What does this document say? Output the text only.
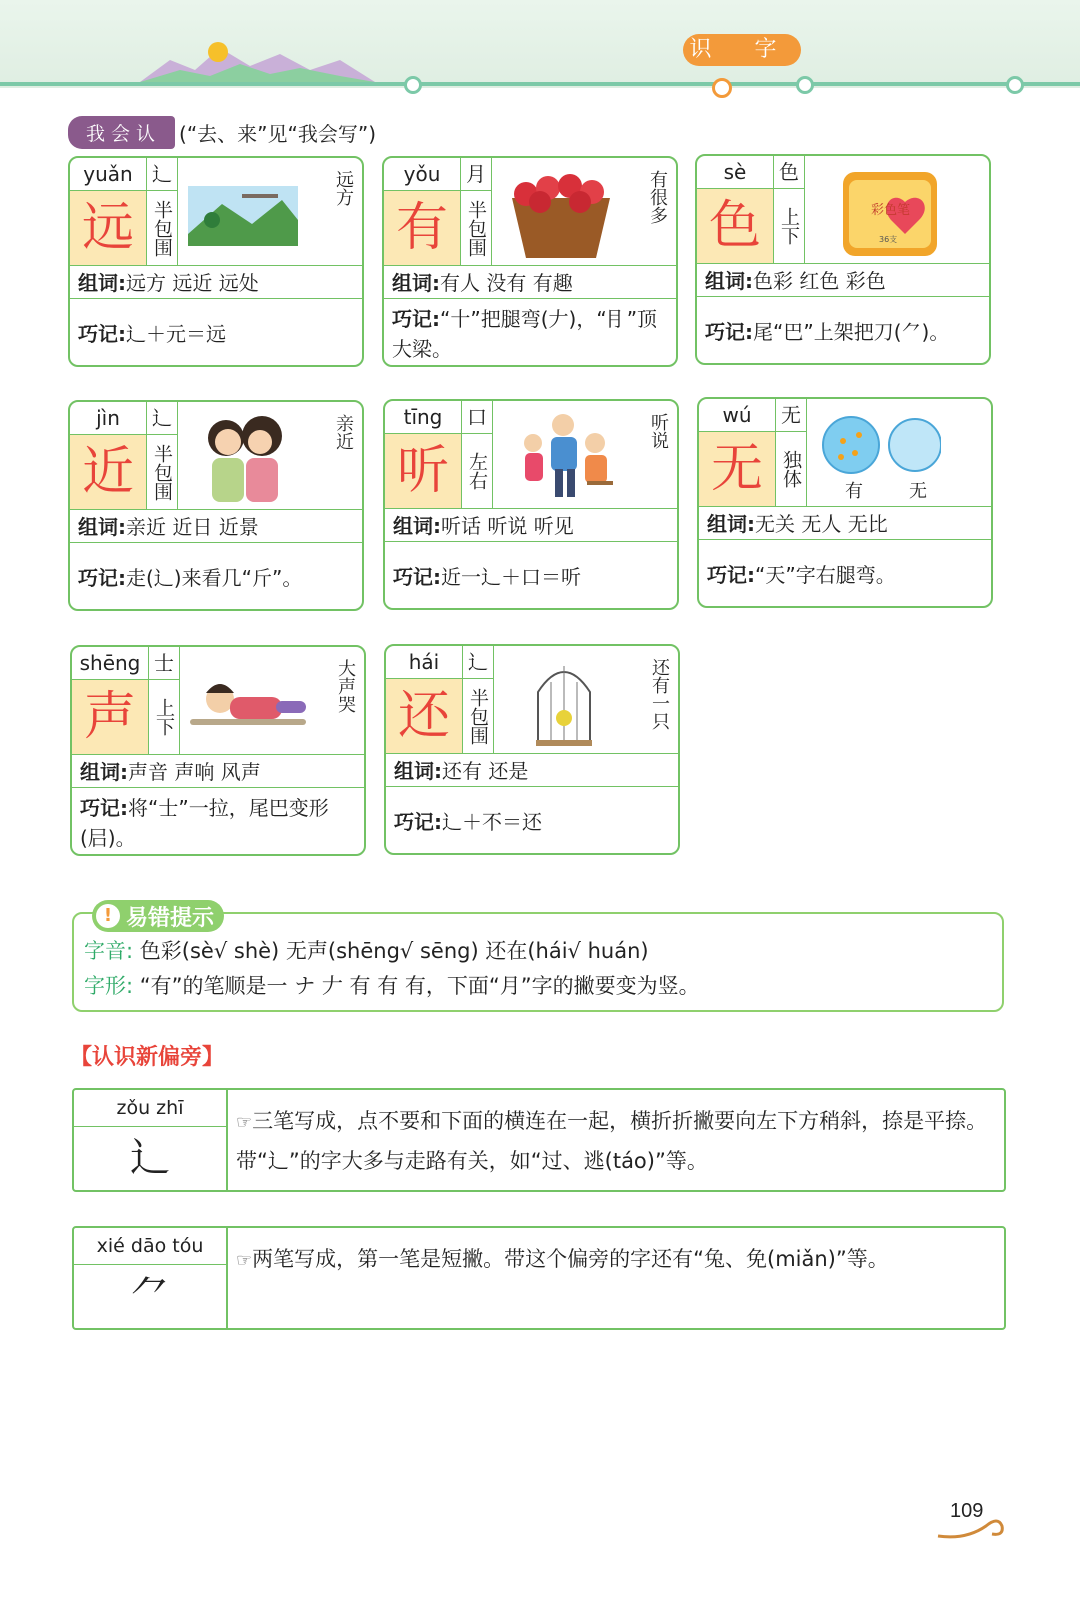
识 字
我会认 (“去、来”见“我会写”)
yuǎn 辶
远 半包围
远方
组词:远方 远近 远处
巧记:辶＋元＝远
yǒu	月
有 半包围
有很多
组词:有人 没有 有趣
巧记:“十”把腿弯(𠂇)，“⺝”顶大梁。
sè	色
色 上下	彩色笔
36支
组词:色彩 红色 彩色
巧记:尾“巴”上架把刀(⺈)。
jìn	辶
近 半包围
亲近
组词:亲近 近日 近景
巧记:走(辶)来看几“斤”。
tīng	口
听 左右
听说
组词:听话 听说 听见
巧记:近一辶＋口＝听
wú	无
无 独体
有	无
组词:无关 无人 无比
巧记:“天”字右腿弯。
shēng 士
声 上下
大声哭
组词:声音 声响 风声
巧记:将“士”一拉，尾巴变形(𡰪)。
hái	辶
还 半包围	还有一只
组词:还有 还是
巧记:辶＋不＝还
! 易错提示
字音: 色彩(sè√ shè) 无声(shēng√ sēng) 还在(hái√ huán)
字形: “有”的笔顺是一 ナ 𠂇 有 有 有，下面“月”字的撇要变为竖。
【认识新偏旁】
zǒu zhī
辶
☞三笔写成，点不要和下面的横连在一起，横折折撇要向左下方稍斜，捺是平捺。带“辶”的字大多与走路有关，如“过、逃(táo)”等。
xié dāo tóu
⺈
☞两笔写成，第一笔是短撇。带这个偏旁的字还有“兔、免(miǎn)”等。
109
